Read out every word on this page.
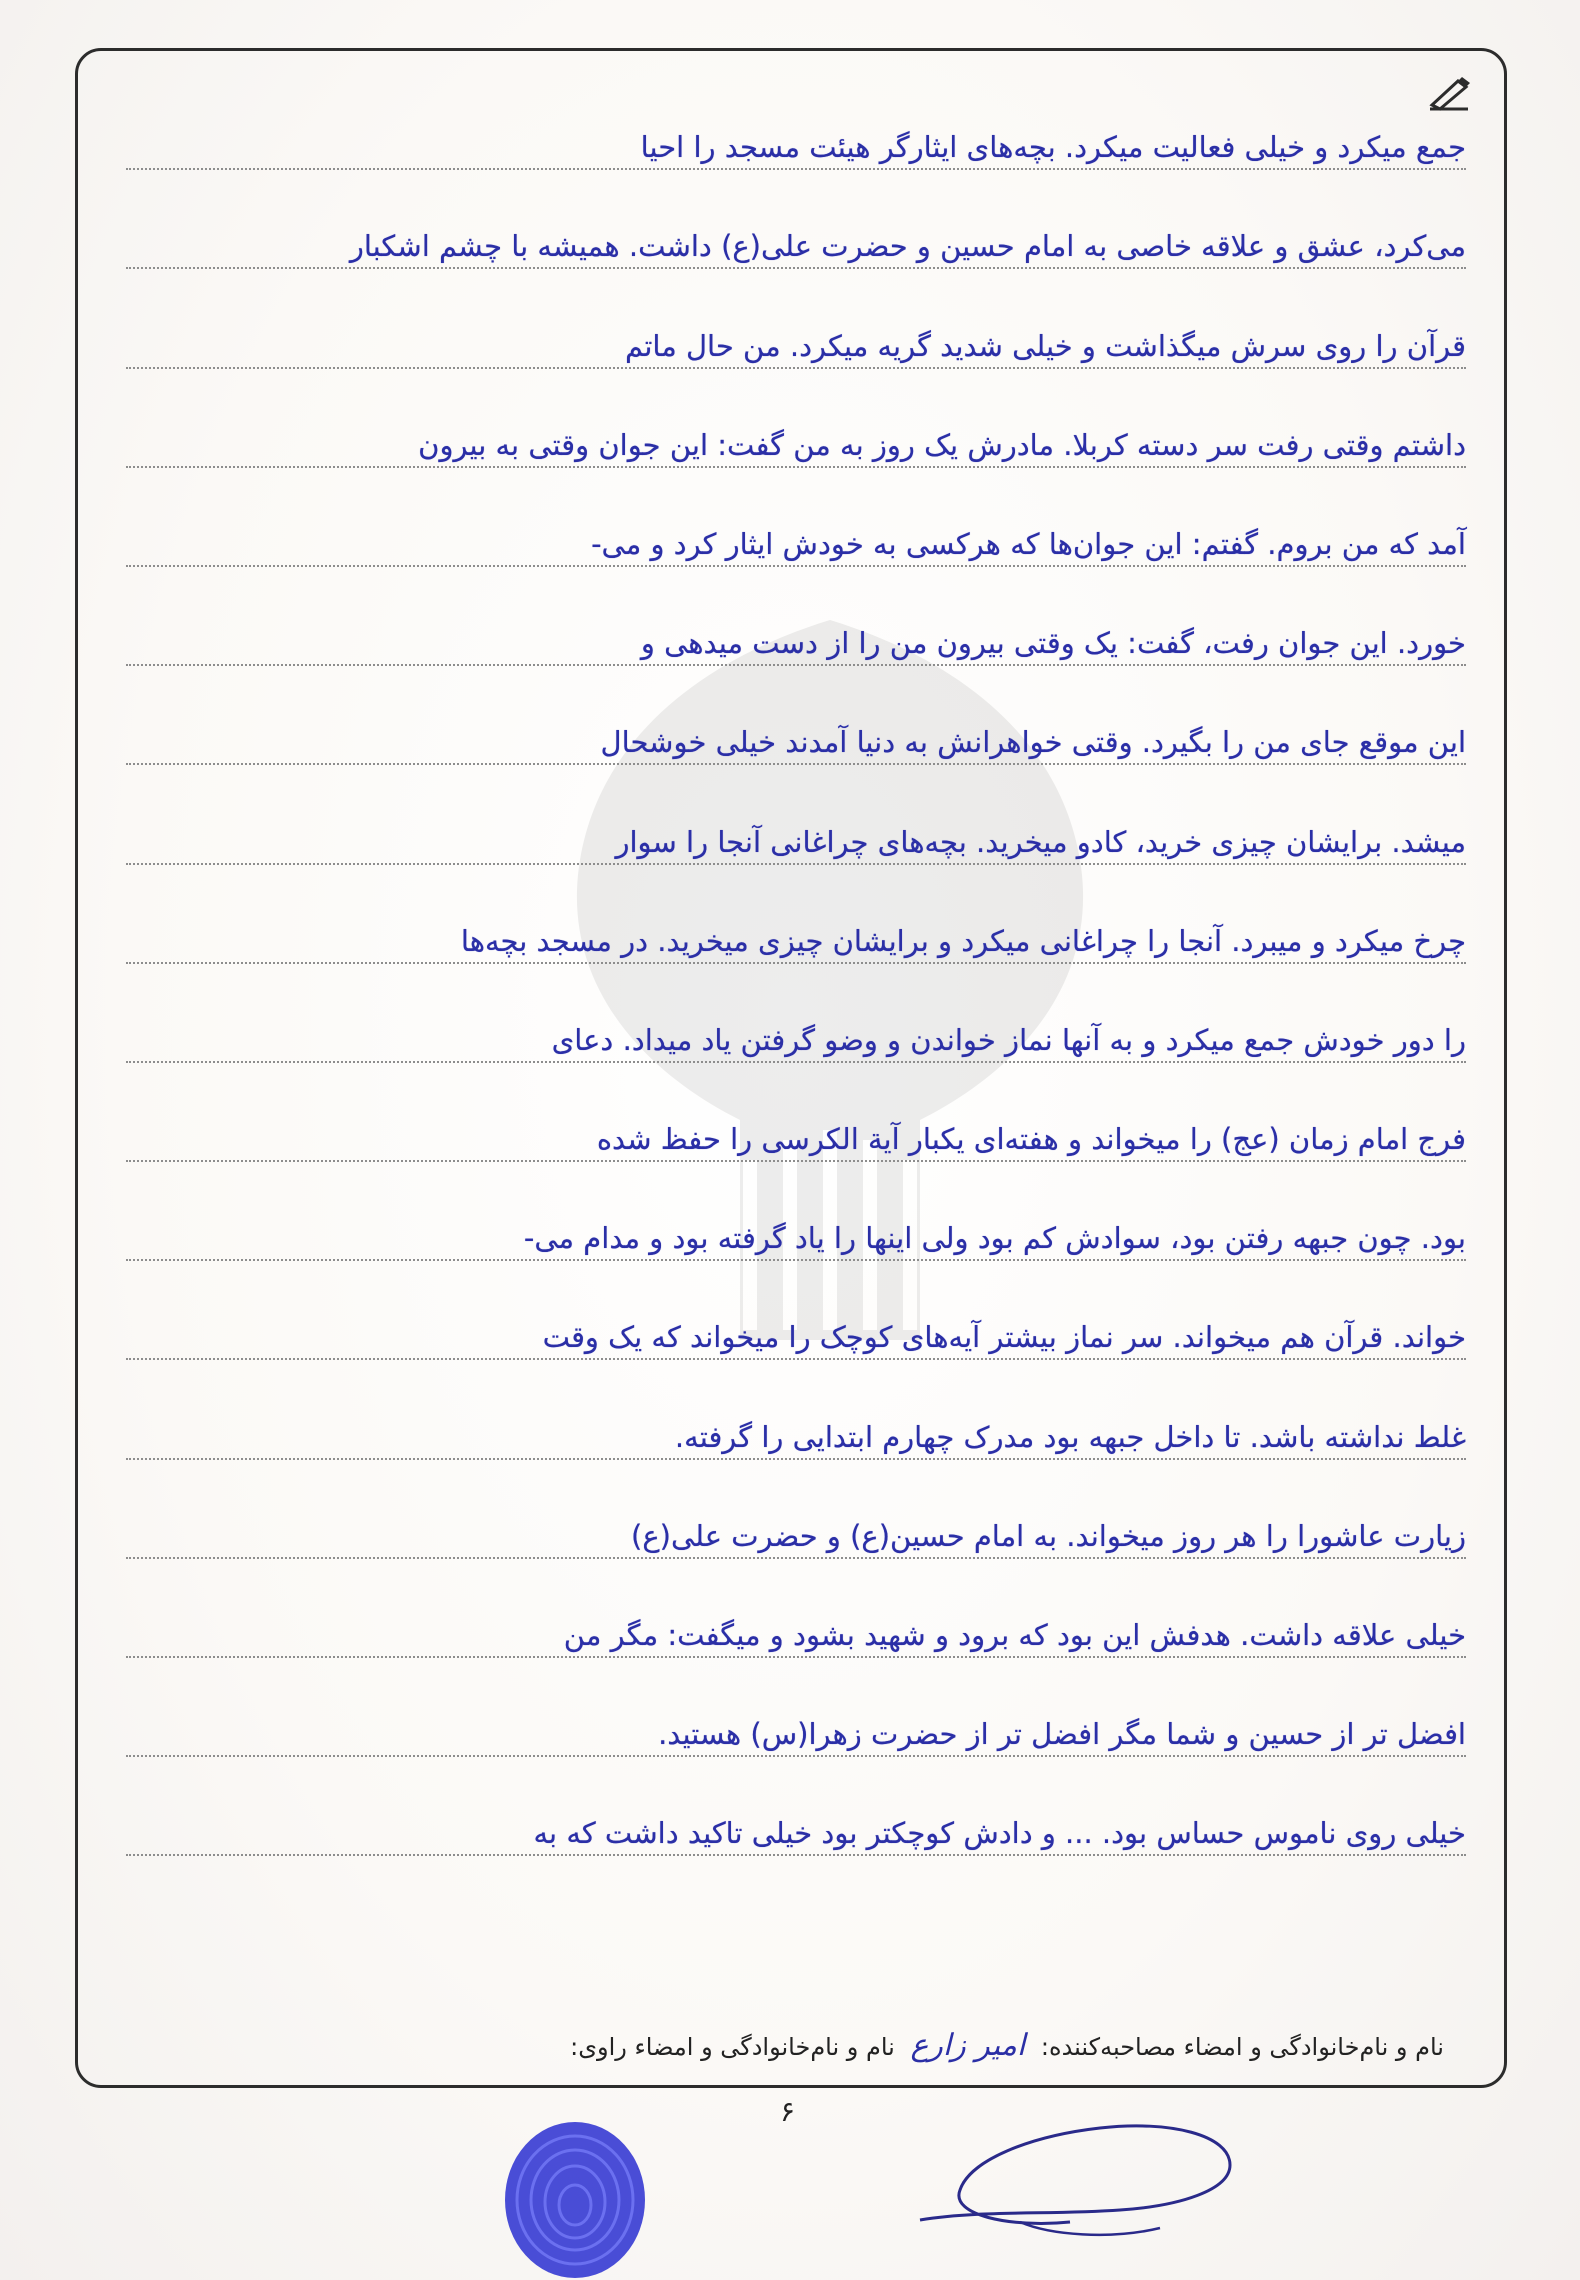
جمع میکرد و خیلی فعالیت میکرد. بچه‌های ایثارگر هیئت مسجد را احیا
می‌کرد، عشق و علاقه خاصی به امام حسین و حضرت علی(ع) داشت. همیشه با چشم اشکبار
قرآن را روی سرش میگذاشت و خیلی شدید گریه میکرد. من حال ماتم
داشتم وقتی رفت سر دسته کربلا. مادرش یک روز به من گفت: این جوان وقتی به بیرون
آمد که من بروم. گفتم: این جوان‌ها که هرکسی به خودش ایثار کرد و ‌می-
خورد. این جوان رفت، گفت: یک وقتی بیرون من را از دست میدهی و
این موقع جای من را بگیرد. وقتی خواهرانش به دنیا آمدند خیلی خوشحال
میشد. برایشان چیزی خرید، کادو میخرید. بچه‌های چراغانی آنجا را سوار
چرخ میکرد و میبرد. آنجا را چراغانی میکرد و برایشان چیزی میخرید. در مسجد بچه‌ها
را دور خودش جمع میکرد و به آنها نماز خواندن و وضو گرفتن یاد میداد. دعای
فرج امام زمان (عج) را میخواند و هفته‌ای یکبار آیة الکرسی را حفظ شده
بود. چون جبهه رفتن بود، سوادش کم بود ولی اینها را یاد گرفته بود و مدام می-
خواند. قرآن هم میخواند. سر نماز بیشتر آیه‌های کوچک را میخواند که یک وقت
غلط نداشته باشد. تا داخل جبهه بود مدرک چهارم ابتدایی را گرفته.
زیارت عاشورا را هر روز میخواند. به امام حسین(ع) و حضرت علی(ع)
خیلی علاقه داشت. هدفش این بود که برود و شهید بشود و میگفت: مگر من
افضل تر از حسین و شما مگر افضل تر از حضرت زهرا(س) هستید.
خیلی روی ناموس حساس بود. ... و دادش کوچکتر بود خیلی تاکید داشت که به
نام و نام‌خانوادگی و امضاء مصاحبه‌کننده: امیر زارع نام و نام‌خانوادگی و امضاء راوی:
۶
